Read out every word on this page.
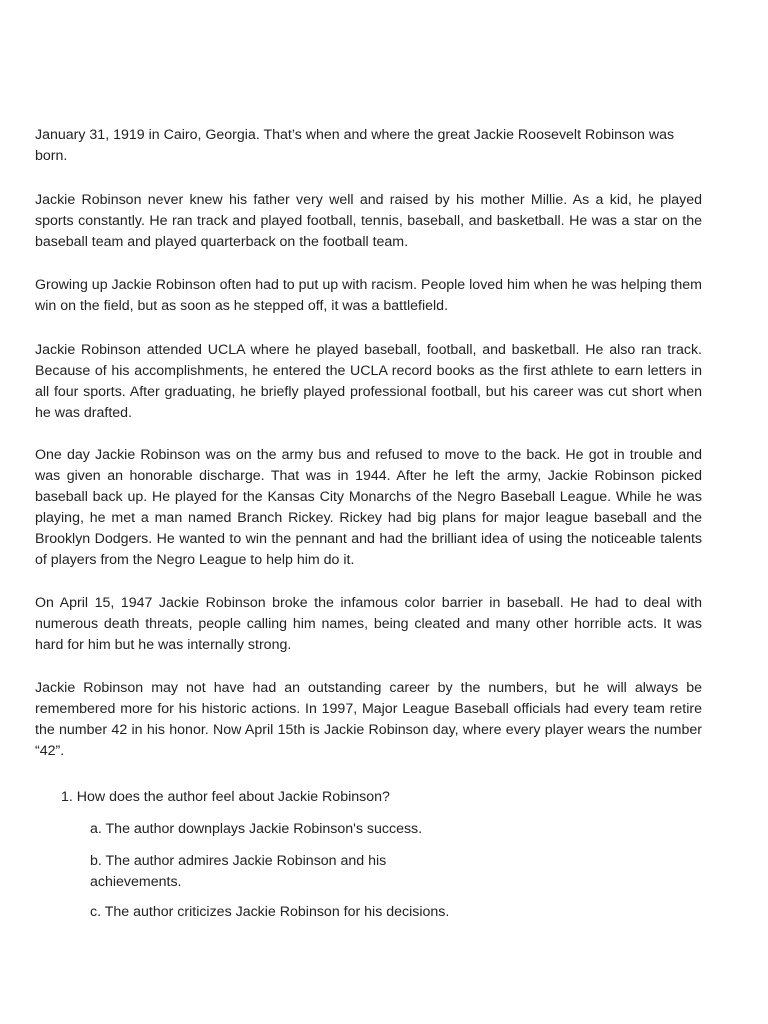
January 31, 1919 in Cairo, Georgia. That’s when and where the great Jackie Roosevelt Robinson was born.

Jackie Robinson never knew his father very well and raised by his mother Millie. As a kid, he played sports constantly. He ran track and played football, tennis, baseball, and basketball. He was a star on the baseball team and played quarterback on the football team.

Growing up Jackie Robinson often had to put up with racism. People loved him when he was helping them win on the field, but as soon as he stepped off, it was a battlefield.

Jackie Robinson attended UCLA where he played baseball, football, and basketball. He also ran track. Because of his accomplishments, he entered the UCLA record books as the first athlete to earn letters in all four sports. After graduating, he briefly played professional football, but his career was cut short when he was drafted.

One day Jackie Robinson was on the army bus and refused to move to the back. He got in trouble and was given an honorable discharge. That was in 1944. After he left the army, Jackie Robinson picked baseball back up. He played for the Kansas City Monarchs of the Negro Baseball League. While he was playing, he met a man named Branch Rickey. Rickey had big plans for major league baseball and the Brooklyn Dodgers. He wanted to win the pennant and had the brilliant idea of using the noticeable talents of players from the Negro League to help him do it.

On April 15, 1947 Jackie Robinson broke the infamous color barrier in baseball. He had to deal with numerous death threats, people calling him names, being cleated and many other horrible acts. It was hard for him but he was internally strong.

Jackie Robinson may not have had an outstanding career by the numbers, but he will always be remembered more for his historic actions. In 1997, Major League Baseball officials had every team retire the number 42 in his honor. Now April 15th is Jackie Robinson day, where every player wears the number “42”.

1. How does the author feel about Jackie Robinson?

a. The author downplays Jackie Robinson's success.

b. The author admires Jackie Robinson and his achievements.

c. The author criticizes Jackie Robinson for his decisions.
